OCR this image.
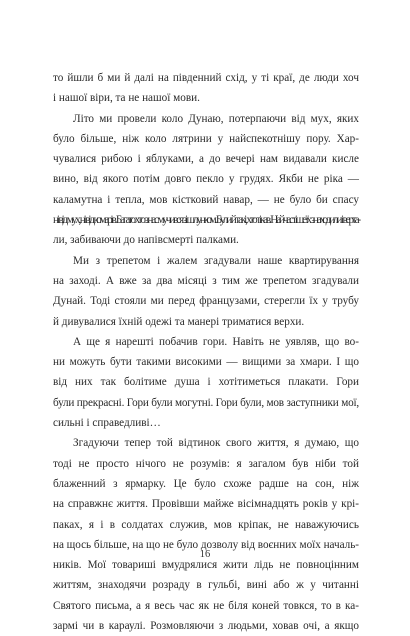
то йшли б ми й далі на південний схід, у ті краї, де люди хоч
і нашої віри, та не нашої мови.
Літо ми провели коло Дунаю, потерпаючи від мух, яких
було більше, ніж коло лятрини у найспекотнішу пору. Хар-
чувалися рибою і яблуками, а до вечері нам видавали кисле
вино, від якого потім довго пекло у грудях. Якби не ріка —
каламутна і тепла, мов кістковий навар, — не було би спасу
ні від мух, ні від комарів. Багато хто з нас мучився зі шлунком. Були й такі, хто тікав. Найчастіше їх знаходили і верта-
ли, забиваючи до напівсмерті палками.
Ми з трепетом і жалем згадували наше квартирування
на заході. А вже за два місяці з тим же трепетом згадували
Дунай. Тоді стояли ми перед французами, стерегли їх у трубу
й дивувалися їхній одежі та манері триматися верхи.
А ще я нарешті побачив гори. Навіть не уявляв, що во-
ни можуть бути такими високими — вищими за хмари. І що
від них так болітиме душа і хотітиметься плакати. Гори
були прекрасні. Гори були могутні. Гори були, мов заступники мої,
сильні і справедливі…
Згадуючи тепер той відтинок свого життя, я думаю, що
тоді не просто нічого не розумів: я загалом був ніби той
блаженний з ярмарку. Це було схоже радше на сон, ніж
на справжнє життя. Провівши майже вісімнадцять років у крі-
паках, я і в солдатах служив, мов кріпак, не наважуючись
на щось більше, на що не було дозволу від воєнних моїх началь-
ників. Мої товариші вмудрялися жити лідь не повноцінним
життям, знаходячи розраду в гульбі, вині або ж у читанні
Святого письма, а я весь час як не біля коней товкся, то в ка-
зармі чи в караулі. Розмовляючи з людьми, ховав очі, а якщо
16
